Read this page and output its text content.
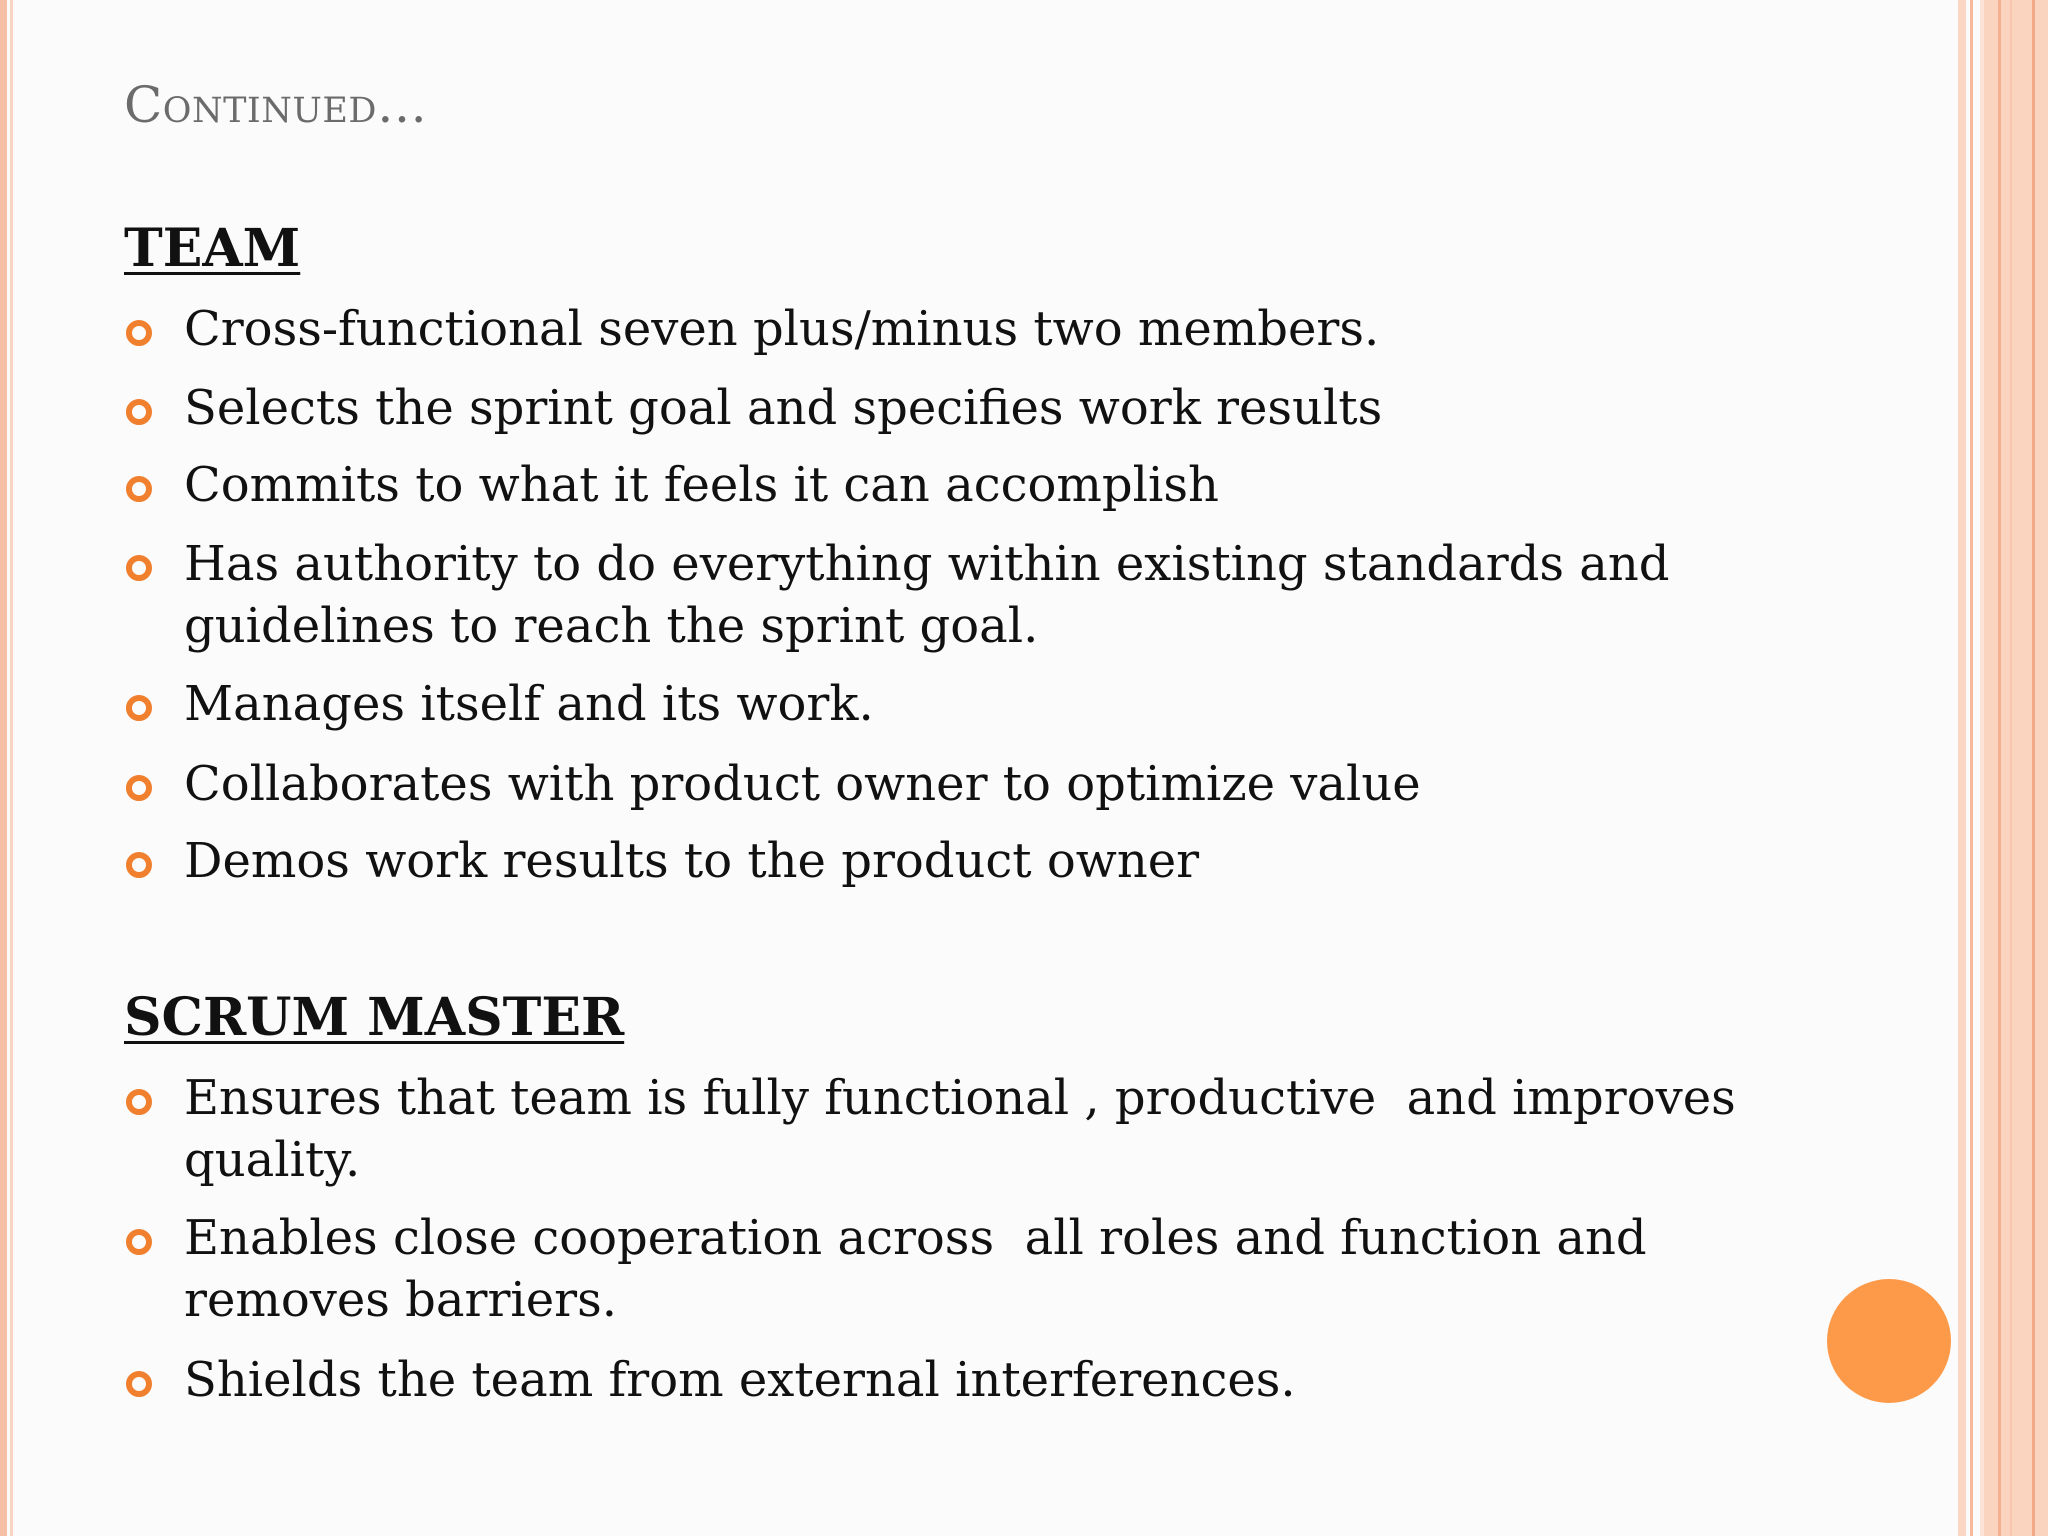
Continued…
TEAM
Cross-functional seven plus/minus two members.
Selects the sprint goal and specifies work results
Commits to what it feels it can accomplish
Has authority to do everything within existing standards and
guidelines to reach the sprint goal.
Manages itself and its work.
Collaborates with product owner to optimize value
Demos work results to the product owner
SCRUM MASTER
Ensures that team is fully functional , productive  and improves
quality.
Enables close cooperation across  all roles and function and
removes barriers.
Shields the team from external interferences.
